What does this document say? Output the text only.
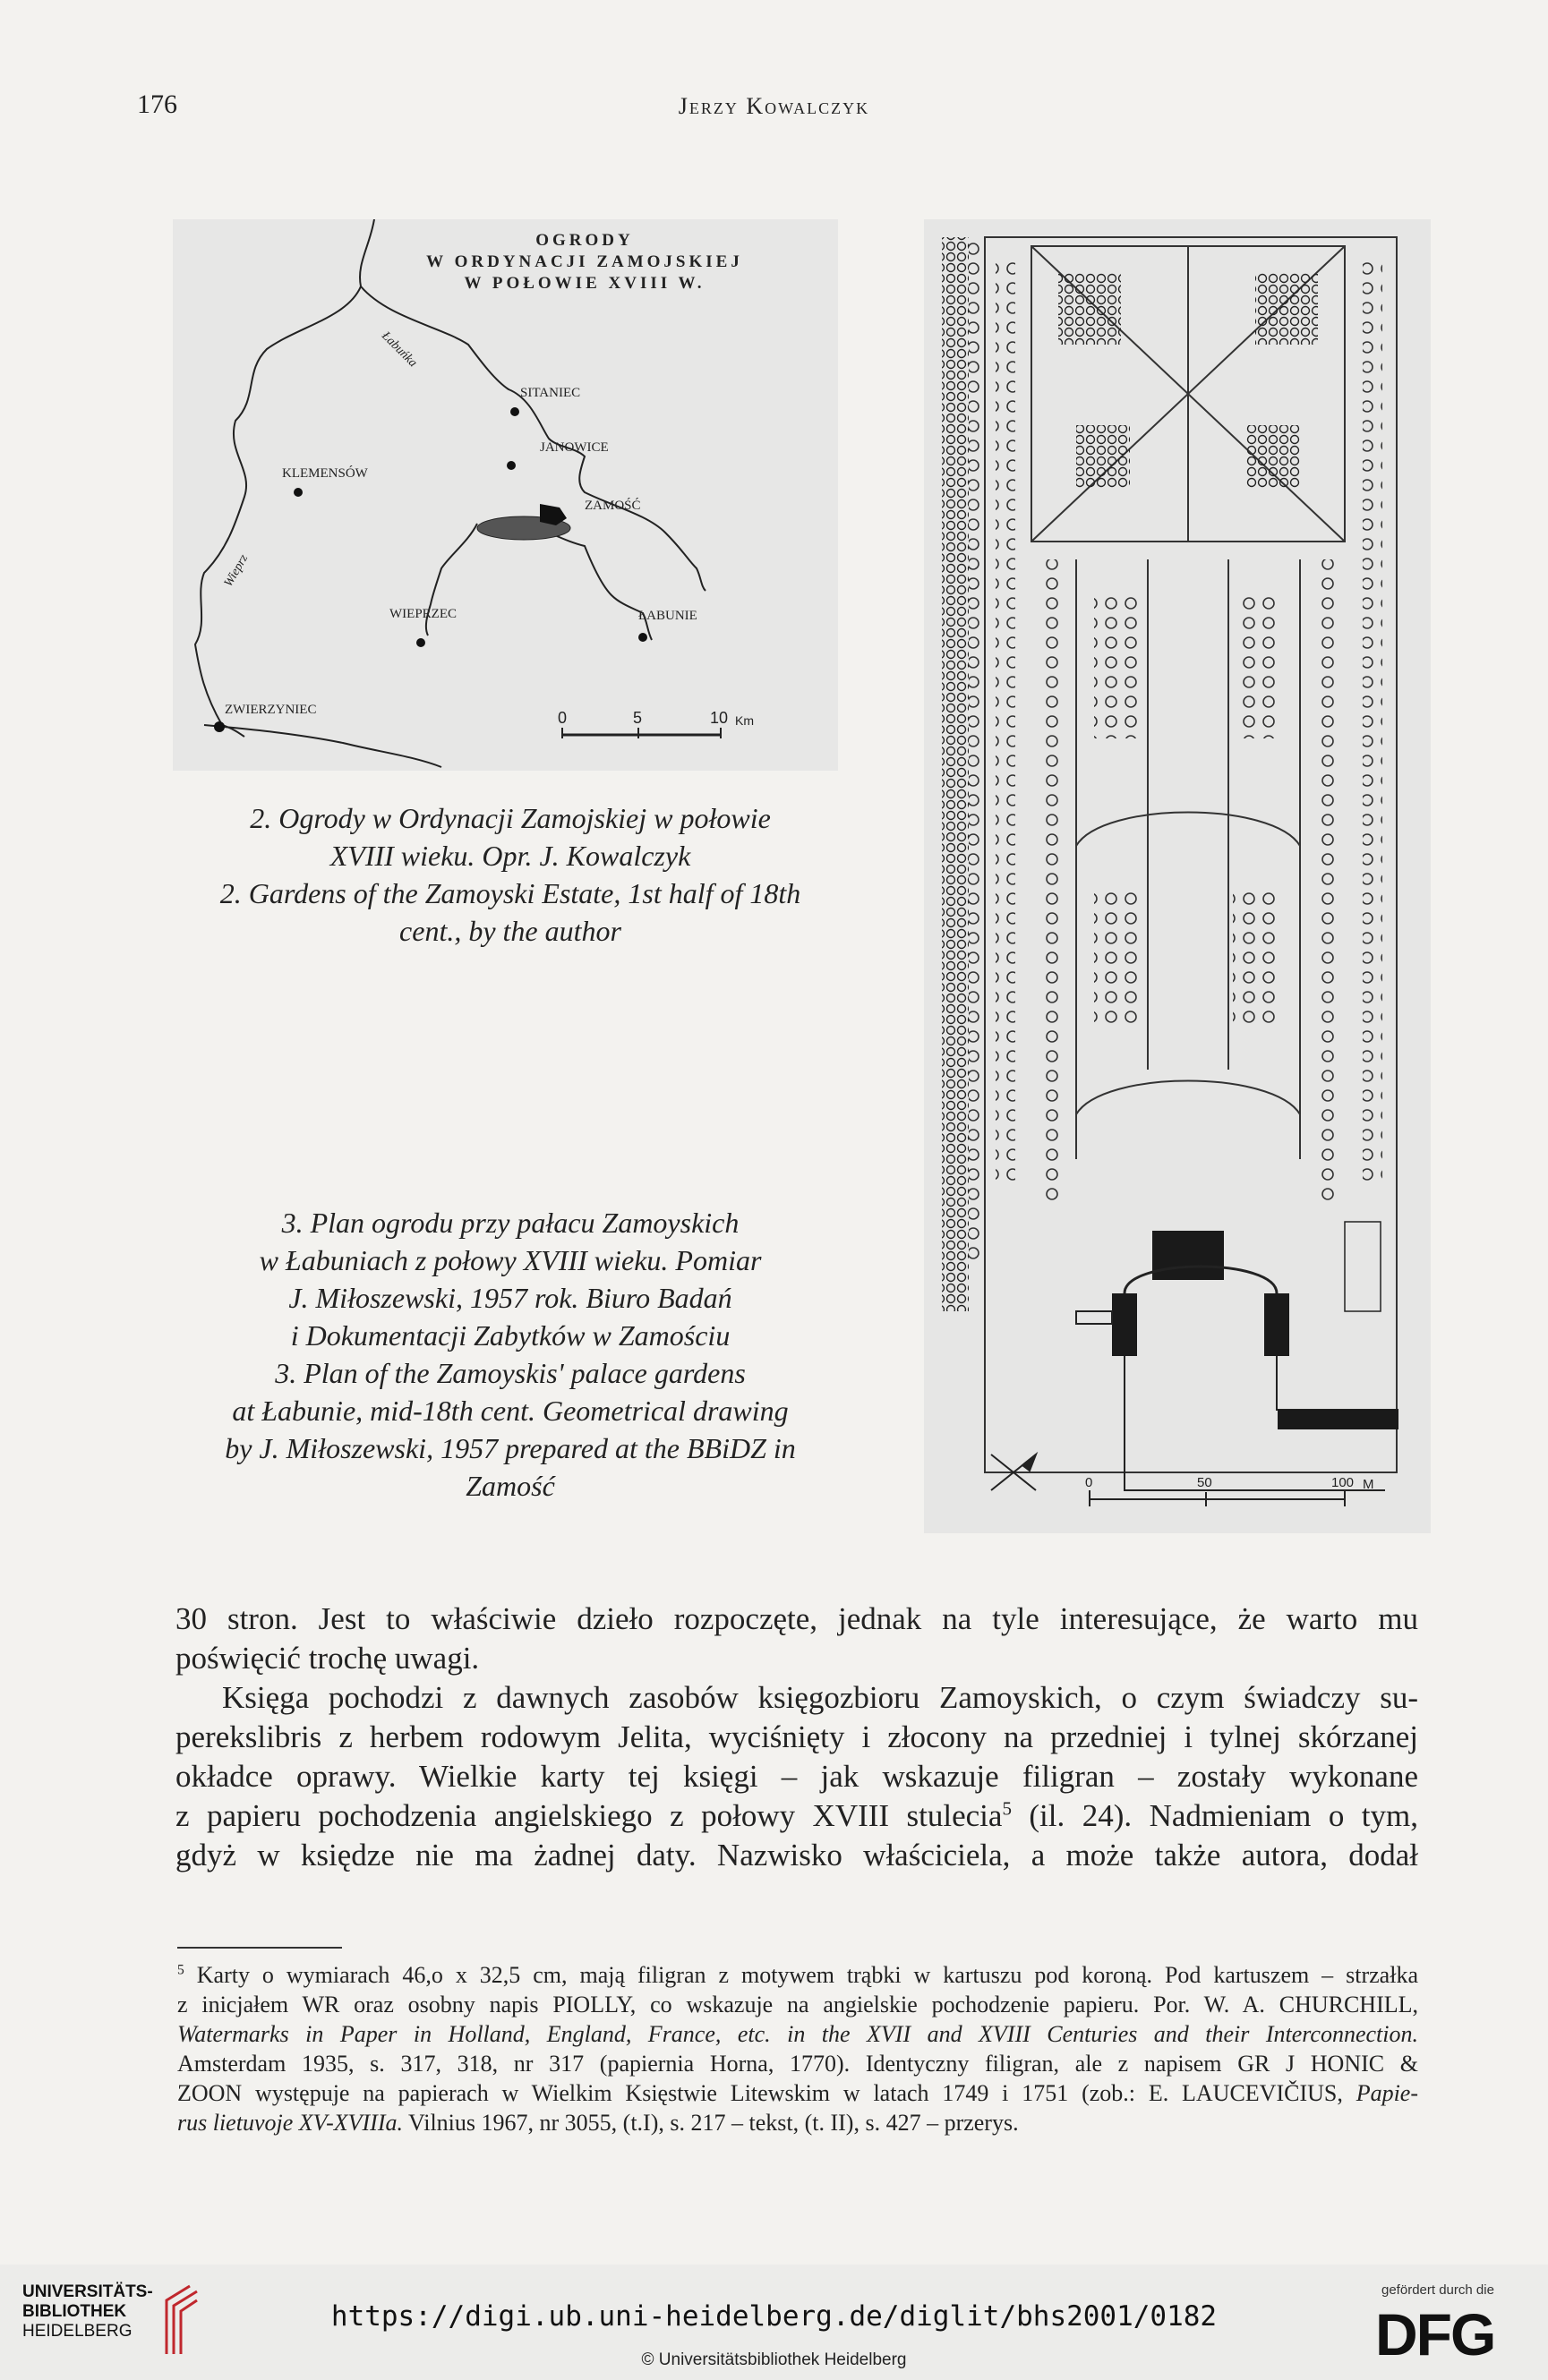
176	Jerzy Kowalczyk
OGRODY
W ORDYNACJI ZAMOJSKIEJ
W POŁOWIE XVIII W.
SITANIEC
JANOWICE
ZAMOŚĆ
KLEMENSÓW
WIEPRZEC	ŁABUNIE
ZWIERZYNIEC
Łabuńka
Wieprz
0	5	10 Km
2. Ogrody w Ordynacji Zamojskiej w połowie
XVIII wieku. Opr. J. Kowalczyk
2. Gardens of the Zamoyski Estate, 1st half of 18th
cent., by the author
3. Plan ogrodu przy pałacu Zamoyskich
w Łabuniach z połowy XVIII wieku. Pomiar
J. Miłoszewski, 1957 rok. Biuro Badań
i Dokumentacji Zabytków w Zamościu
3. Plan of the Zamoyskis' palace gardens
at Łabunie, mid-18th cent. Geometrical drawing
by J. Miłoszewski, 1957 prepared at the BBiDZ in
Zamość	0	50	100 M
30 stron. Jest to właściwie dzieło rozpoczęte, jednak na tyle interesujące, że warto mu
poświęcić trochę uwagi.
Księga pochodzi z dawnych zasobów księgozbioru Zamoyskich, o czym świadczy su-
perekslibris z herbem rodowym Jelita, wyciśnięty i złocony na przedniej i tylnej skórzanej
okładce oprawy. Wielkie karty tej księgi – jak wskazuje filigran – zostały wykonane
z papieru pochodzenia angielskiego z połowy XVIII stulecia$^5$ (il. 24). Nadmieniam o tym,
gdyż w księdze nie ma żadnej daty. Nazwisko właściciela, a może także autora, dodał
$^5$ Karty o wymiarach 46,o x 32,5 cm, mają filigran z motywem trąbki w kartuszu pod koroną. Pod kartuszem – strzałka
z inicjałem WR oraz osobny napis PIOLLY, co wskazuje na angielskie pochodzenie papieru. Por. W. A. CHURCHILL,
Watermarks in Paper in Holland, England, France, etc. in the XVII and XVIII Centuries and their Interconnection.
Amsterdam 1935, s. 317, 318, nr 317 (papiernia Horna, 1770). Identyczny filigran, ale z napisem GR J HONIC &
ZOON występuje na papierach w Wielkim Księstwie Litewskim w latach 1749 i 1751 (zob.: E. LAUCEVIČIUS, Papie-
rus lietuvoje XV-XVIIIa. Vilnius 1967, nr 3055, (t.I), s. 217 – tekst, (t. II), s. 427 – przerys.
UNIVERSITÄTS-
BIBLIOTHEK
HEIDELBERG	https://digi.ub.uni-heidelberg.de/diglit/bhs2001/0182
© Universitätsbibliothek Heidelberg
gefördert durch die
DFG
